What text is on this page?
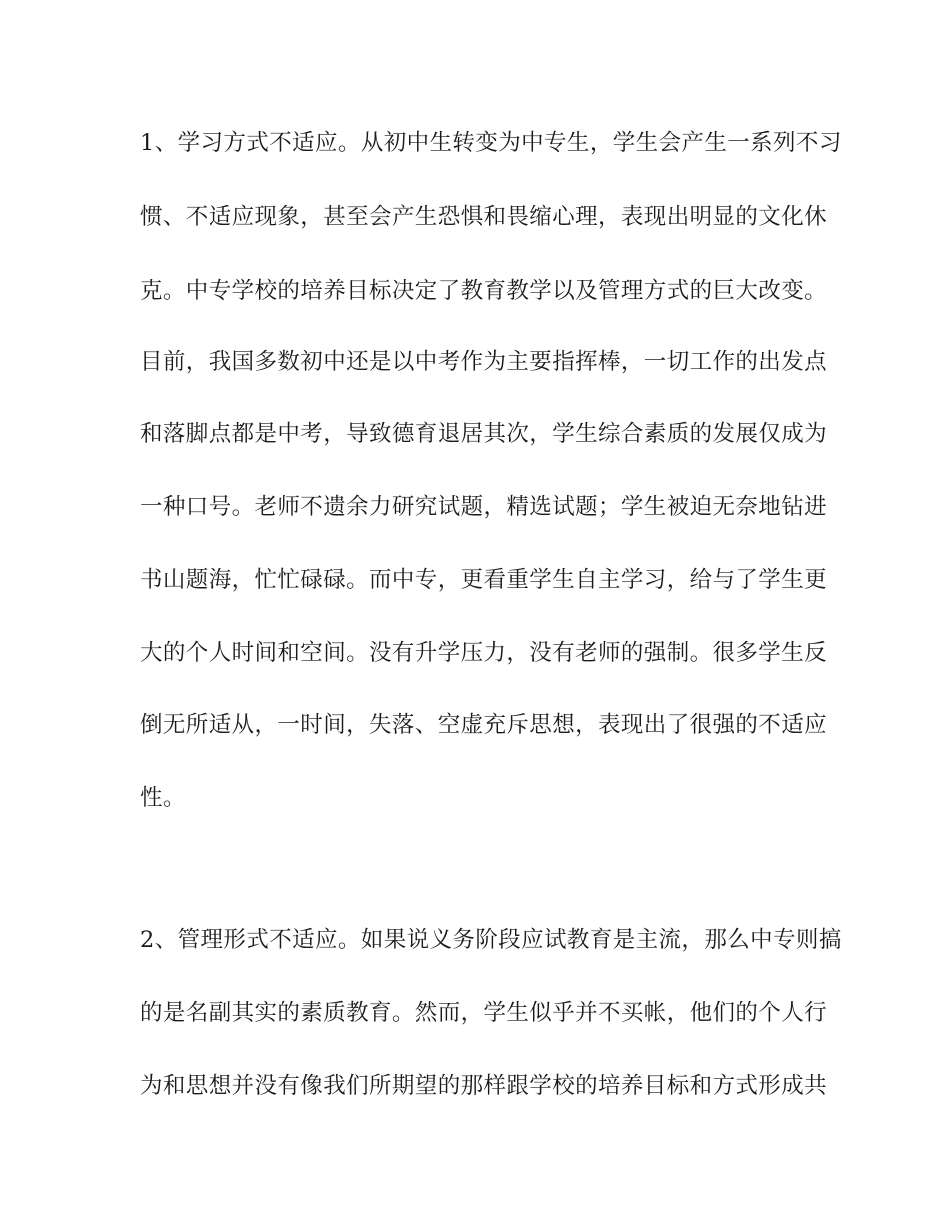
1、学习方式不适应。从初中生转变为中专生，学生会产生一系列不习
惯、不适应现象，甚至会产生恐惧和畏缩心理，表现出明显的文化休
克。中专学校的培养目标决定了教育教学以及管理方式的巨大改变。
目前，我国多数初中还是以中考作为主要指挥棒，一切工作的出发点
和落脚点都是中考，导致德育退居其次，学生综合素质的发展仅成为
一种口号。老师不遗余力研究试题，精选试题；学生被迫无奈地钻进
书山题海，忙忙碌碌。而中专，更看重学生自主学习，给与了学生更
大的个人时间和空间。没有升学压力，没有老师的强制。很多学生反
倒无所适从，一时间，失落、空虚充斥思想，表现出了很强的不适应
性。
2、管理形式不适应。如果说义务阶段应试教育是主流，那么中专则搞
的是名副其实的素质教育。然而，学生似乎并不买帐，他们的个人行
为和思想并没有像我们所期望的那样跟学校的培养目标和方式形成共
